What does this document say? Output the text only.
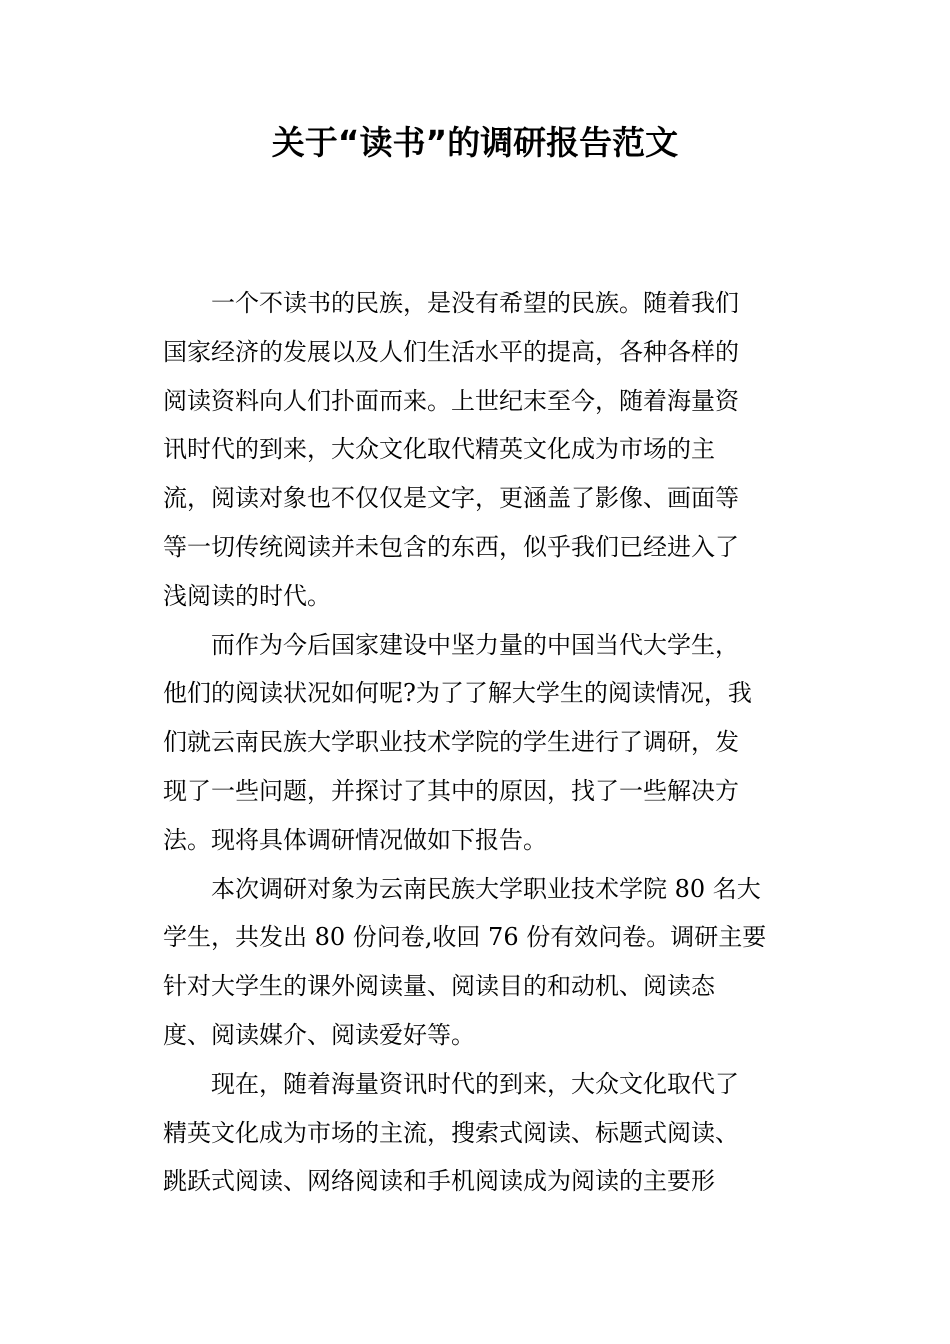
关于“读书”的调研报告范文
一个不读书的民族，是没有希望的民族。随着我们
国家经济的发展以及人们生活水平的提高，各种各样的
阅读资料向人们扑面而来。上世纪末至今，随着海量资
讯时代的到来，大众文化取代精英文化成为市场的主
流，阅读对象也不仅仅是文字，更涵盖了影像、画面等
等一切传统阅读并未包含的东西，似乎我们已经进入了
浅阅读的时代。
而作为今后国家建设中坚力量的中国当代大学生，
他们的阅读状况如何呢?为了了解大学生的阅读情况，我
们就云南民族大学职业技术学院的学生进行了调研，发
现了一些问题，并探讨了其中的原因，找了一些解决方
法。现将具体调研情况做如下报告。
本次调研对象为云南民族大学职业技术学院 80 名大
学生，共发出 80 份问卷,收回 76 份有效问卷。调研主要
针对大学生的课外阅读量、阅读目的和动机、阅读态
度、阅读媒介、阅读爱好等。
现在，随着海量资讯时代的到来，大众文化取代了
精英文化成为市场的主流，搜索式阅读、标题式阅读、
跳跃式阅读、网络阅读和手机阅读成为阅读的主要形
